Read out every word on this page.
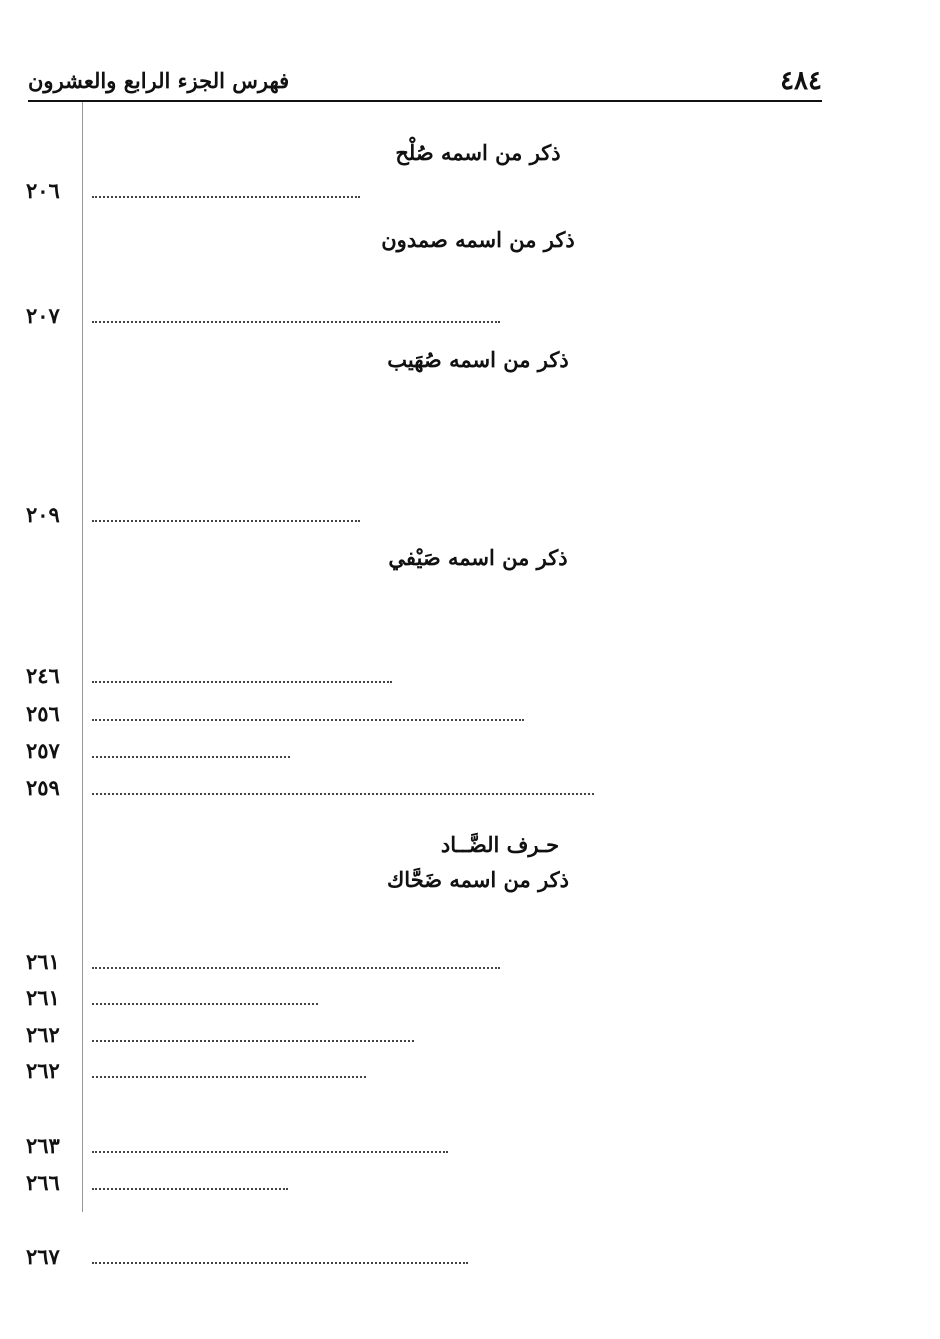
٤٨٤
فهرس الجزء الرابع والعشرون
ذكر من اسمه صُلْح
ذكر من اسمه صمدون
ذكر من اسمه صُهَيب
ذكر من اسمه صَيْفي
حـرف الضَّــاد
ذكر من اسمه ضَحَّاك
٢٠٦
٢٠٧
٢٠٩
٢٤٦
٢٥٦
٢٥٧
٢٥٩
٢٦١
٢٦١
٢٦٢
٢٦٢
٢٦٣
٢٦٦
٢٦٧
